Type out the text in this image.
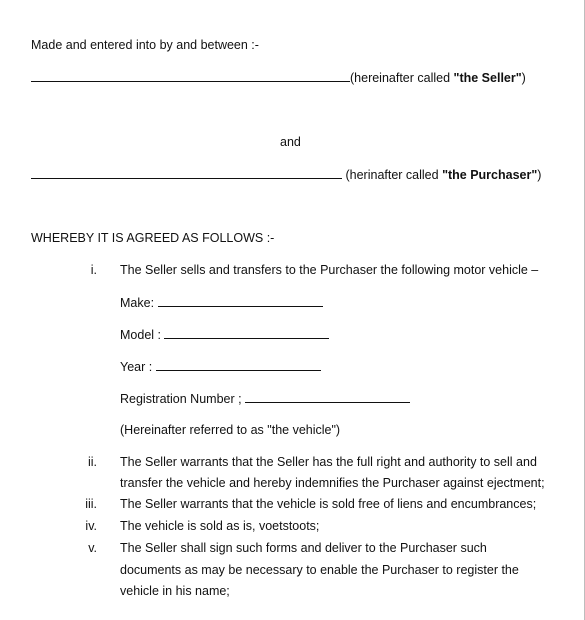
Made and entered into by and between :-
(hereinafter called "the Seller")
and
(herinafter called "the Purchaser")
WHEREBY IT IS AGREED AS FOLLOWS :-
i. The Seller sells and transfers to the Purchaser the following motor vehicle –
Make:
Model :
Year :
Registration Number ;
(Hereinafter referred to as "the vehicle")
ii. The Seller warrants that the Seller has the full right and authority to sell and
transfer the vehicle and hereby indemnifies the Purchaser against ejectment;
iii. The Seller warrants that the vehicle is sold free of liens and encumbrances;
iv. The vehicle is sold as is, voetstoots;
v. The Seller shall sign such forms and deliver to the Purchaser such
documents as may be necessary to enable the Purchaser to register the
vehicle in his name;
